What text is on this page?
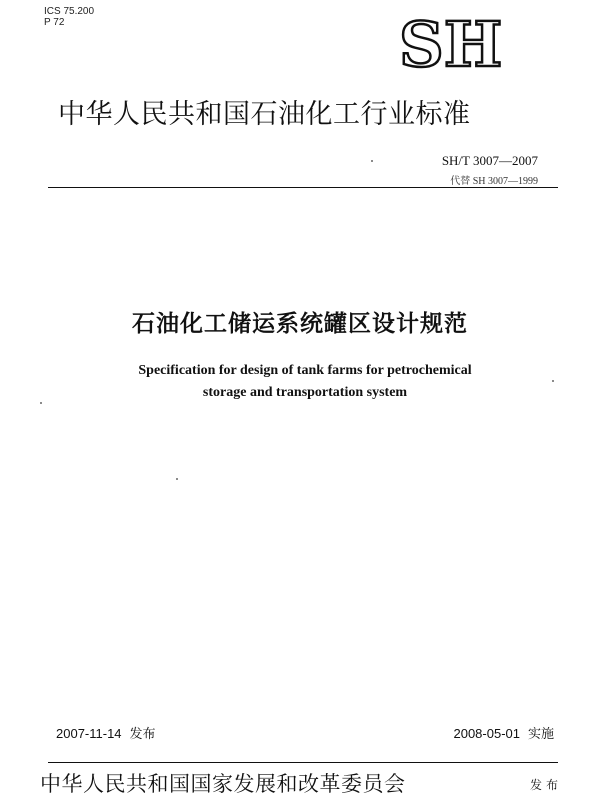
ICS 75.200
P 72	SH
中华人民共和国石油化工行业标准
SH/T 3007—2007
代替 SH 3007—1999
石油化工储运系统罐区设计规范
Specification for design of tank farms for petrochemical
storage and transportation system
2007-11-14 发布	2008-05-01 实施
中华人民共和国国家发展和改革委员会	发布
